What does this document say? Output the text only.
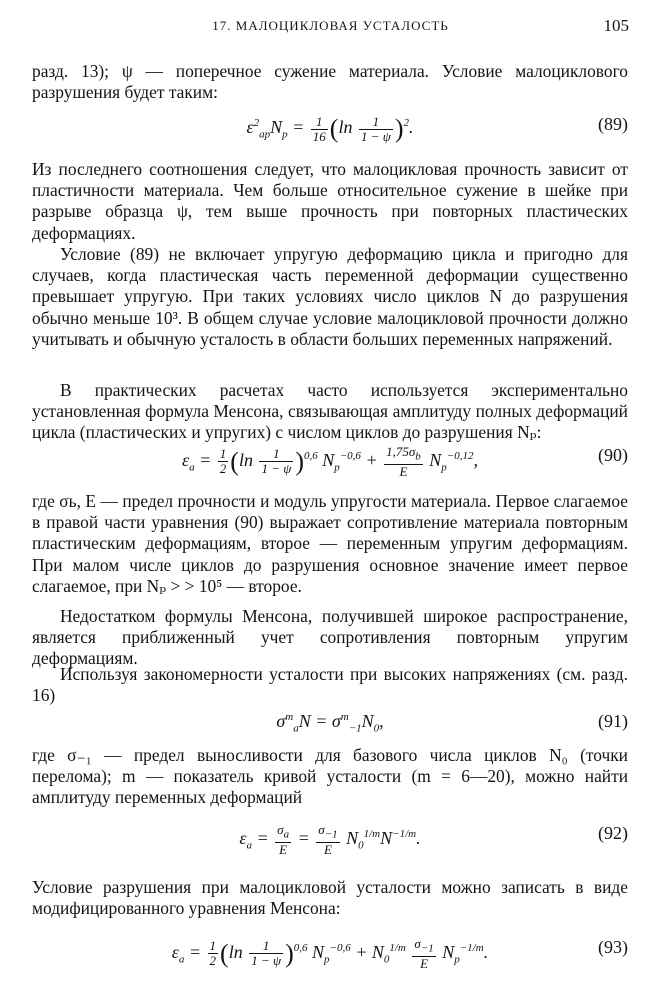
17. МАЛОЦИКЛОВАЯ УСТАЛОСТЬ	105
разд. 13); ψ — поперечное сужение материала. Условие малоциклового разрушения будет таким:
$\varepsilon^2_{ap}N_p = \frac{1}{16} (\ln \frac{1}{1 - \psi} )^2$.	(89)
Из последнего соотношения следует, что малоцикловая прочность зависит от пластичности материала. Чем больше относительное сужение в шейке при разрыве образца ψ, тем выше прочность при повторных пластических деформациях.
Условие (89) не включает упругую деформацию цикла и пригодно для случаев, когда пластическая часть переменной деформации существенно превышает упругую. При таких условиях число циклов N до разрушения обычно меньше 10³. В общем случае условие малоцикловой прочности должно учитывать и обычную усталость в области больших переменных напряжений.
В практических расчетах часто используется экспериментально установленная формула Менсона, связывающая амплитуду полных деформаций цикла (пластических и упругих) с числом циклов до разрушения Nₚ:
$\varepsilon_a = \frac{1}{2} (\ln \frac{1}{1 - \psi} )^{0,6}$ $N_p^{-0,6} + \frac{1,75\sigma_b}{E} N_p^{-0,12}$,	(90)
где σь, E — предел прочности и модуль упругости материала. Первое слагаемое в правой части уравнения (90) выражает сопротивление материала повторным пластическим деформациям, второе — переменным упругим деформациям. При малом числе циклов до разрушения основное значение имеет первое слагаемое, при Nₚ > > 10⁵ — второе.
Недостатком формулы Менсона, получившей широкое распространение, является приближенный учет сопротивления повторным упругим деформациям.
Используя закономерности усталости при высоких напряжениях (см. разд. 16)
$\sigma^m_aN = \sigma^m_{-1}N_0$,	(91)
где σ₋₁ — предел выносливости для базового числа циклов N₀ (точки перелома); m — показатель кривой усталости (m = 6—20), можно найти амплитуду переменных деформаций
$\varepsilon_a = \frac{\sigma_a}{E} = \frac{\sigma_{-1}}{E} N_0^{1/m}N^{-1/m}$.	(92)
Условие разрушения при малоцикловой усталости можно записать в виде модифицированного уравнения Менсона:
$\varepsilon_a = \frac{1}{2} (\ln \frac{1}{1 - \psi} )^{0,6}$ $N_p^{-0,6} + N_0^{1/m} \frac{\sigma_{-1}}{E} N_p^{-1/m}$.	(93)
